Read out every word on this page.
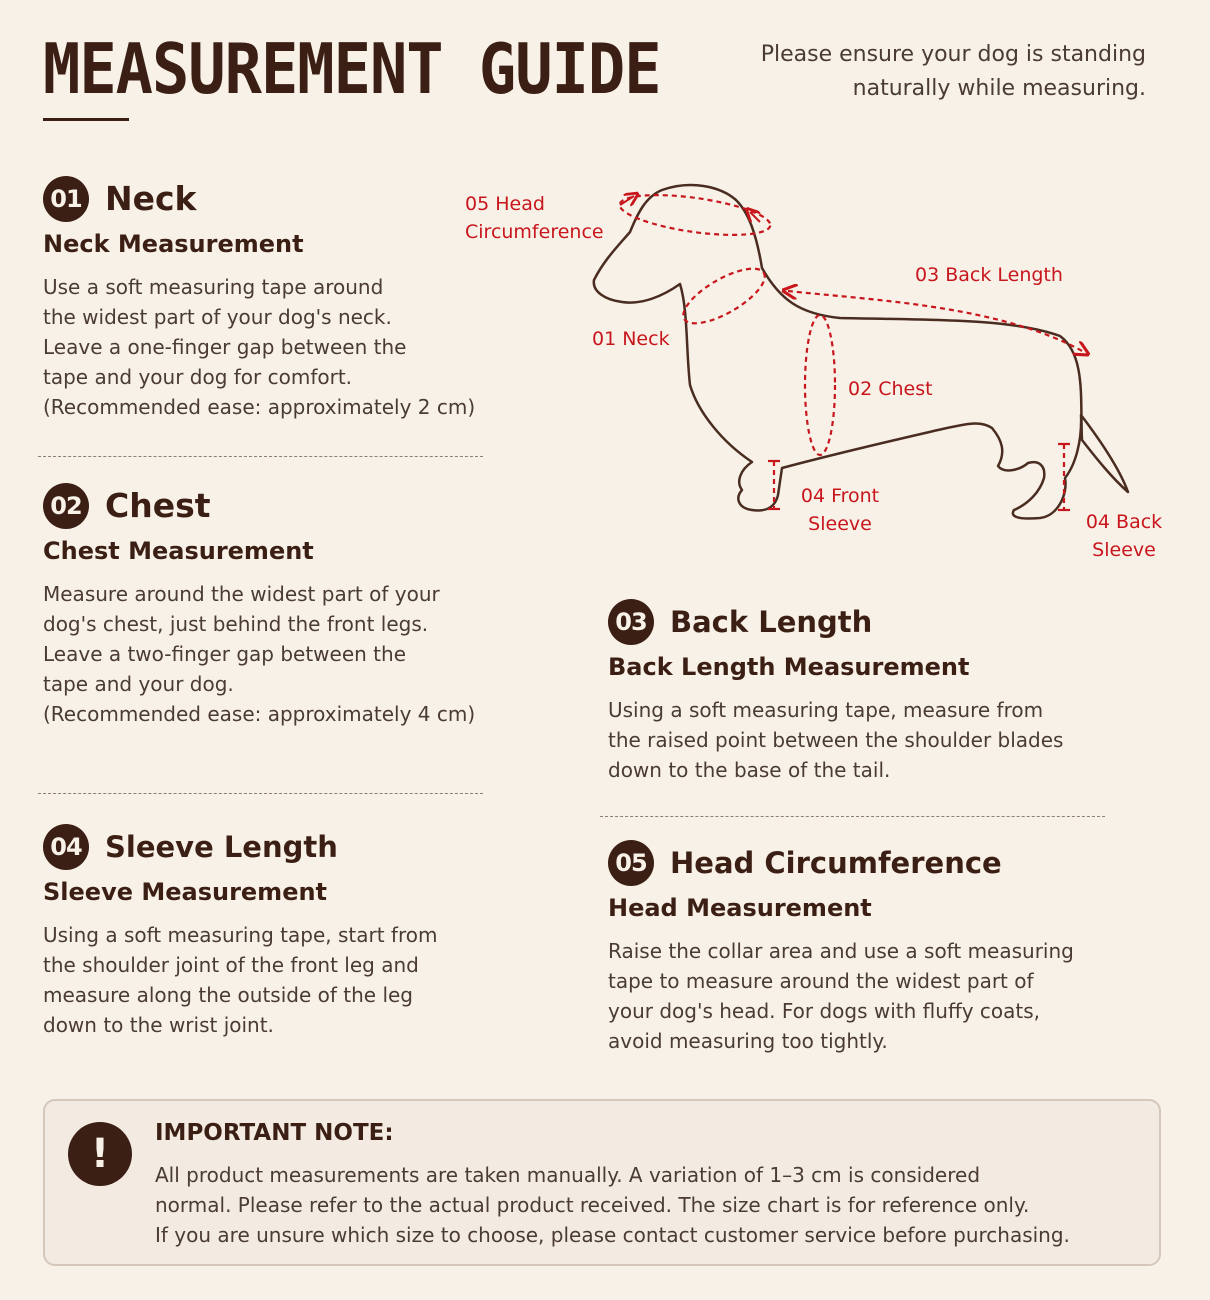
MEASUREMENT GUIDE	Please ensure your dog is standing naturally while measuring.
01 Neck
Neck Measurement
Use a soft measuring tape around
the widest part of your dog's neck.
Leave a one-finger gap between the
tape and your dog for comfort.
(Recommended ease: approximately 2 cm)
02 Chest
Chest Measurement
Measure around the widest part of your
dog's chest, just behind the front legs.
Leave a two-finger gap between the
tape and your dog.
(Recommended ease: approximately 4 cm)
04 Sleeve Length
Sleeve Measurement
Using a soft measuring tape, start from
the shoulder joint of the front leg and
measure along the outside of the leg
down to the wrist joint.
03 Back Length
Back Length Measurement
Using a soft measuring tape, measure from
the raised point between the shoulder blades
down to the base of the tail.
05 Head Circumference
Head Measurement
Raise the collar area and use a soft measuring
tape to measure around the widest part of
your dog's head. For dogs with fluffy coats,
avoid measuring too tightly.
05 Head
Circumference
01 Neck
03 Back Length
02 Chest
04 Front
Sleeve	04 Back
Sleeve
!	IMPORTANT NOTE:
All product measurements are taken manually. A variation of 1–3 cm is considered
normal. Please refer to the actual product received. The size chart is for reference only.
If you are unsure which size to choose, please contact customer service before purchasing.
